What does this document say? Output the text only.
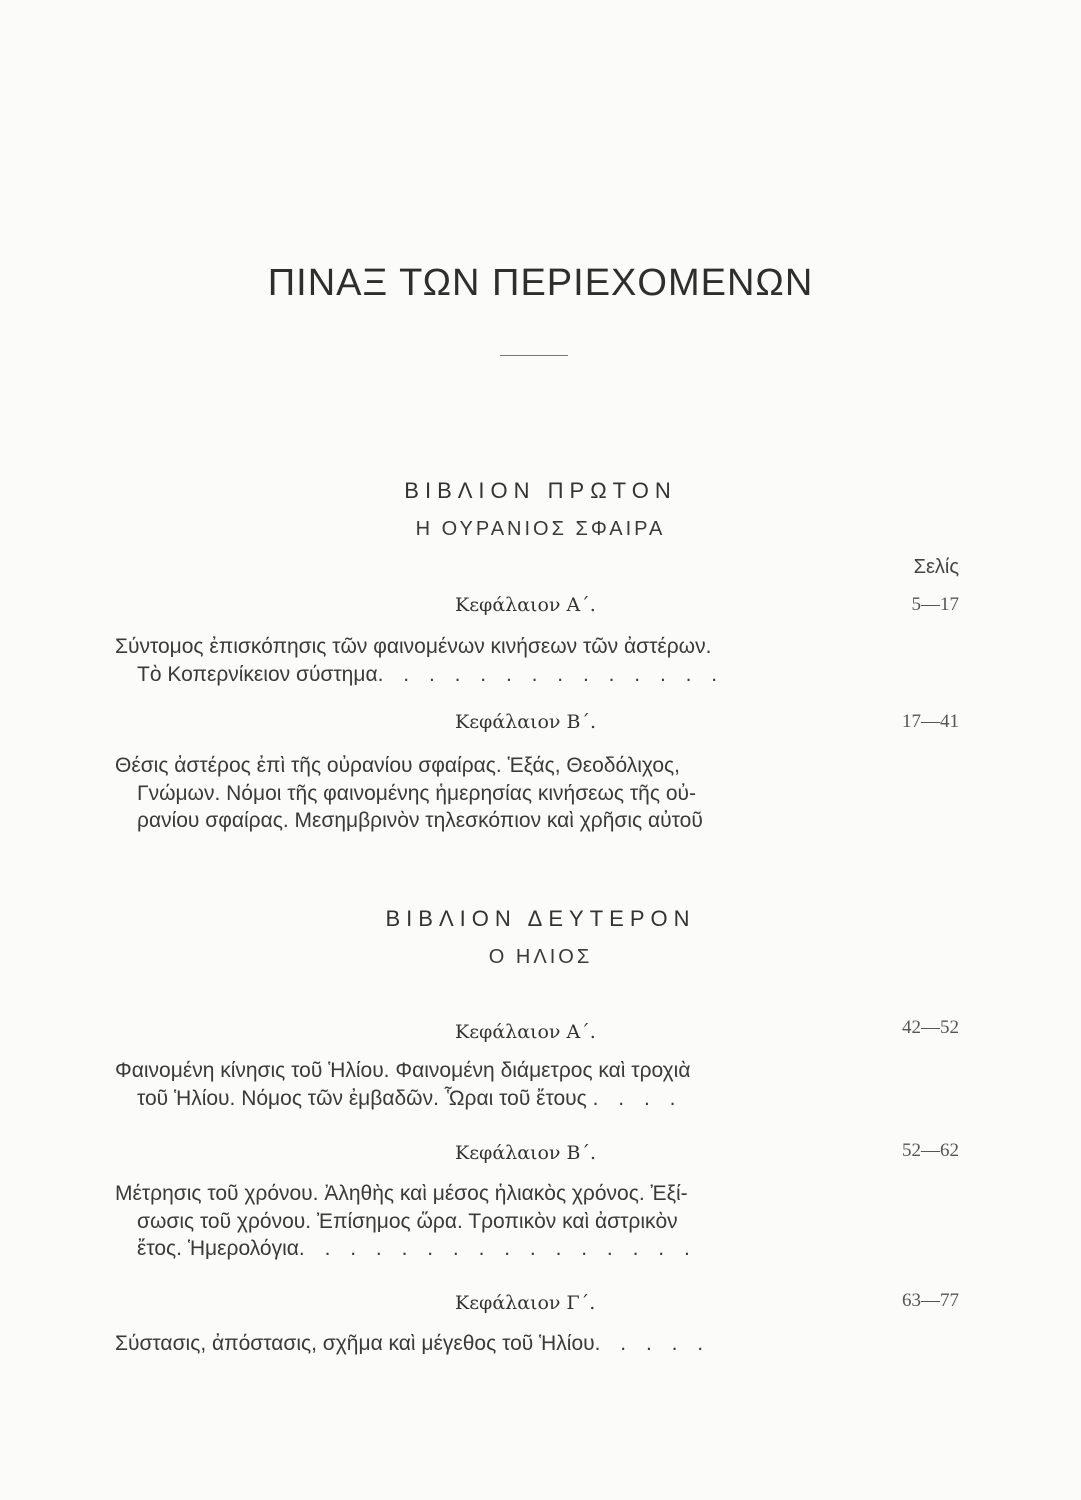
ΠΙΝΑΞ ΤΩΝ ΠΕΡΙΕΧΟΜΕΝΩΝ
ΒΙΒΛΙΟΝ ΠΡΩΤΟΝ
Η ΟΥΡΑΝΙΟΣ ΣΦΑΙΡΑ
Σελίς
Κεφάλαιον Α΄.	5—17
Σύντομος ἐπισκόπησις τῶν φαινομένων κινήσεων τῶν ἀστέρων.
Τὸ Κοπερνίκειον σύστημα. . . . . . . . . . . . . .
Κεφάλαιον Β΄.	17—41
Θέσις ἀστέρος ἐπὶ τῆς οὐρανίου σφαίρας. Ἑξάς, Θεοδόλιχος,
Γνώμων. Νόμοι τῆς φαινομένης ἡμερησίας κινήσεως τῆς οὐ-
ρανίου σφαίρας. Μεσημβρινὸν τηλεσκόπιον καὶ χρῆσις αὐτοῦ
ΒΙΒΛΙΟΝ ΔΕΥΤΕΡΟΝ
Ο ΗΛΙΟΣ
Κεφάλαιον Α΄.	42—52
Φαινομένη κίνησις τοῦ Ἡλίου. Φαινομένη διάμετρος καὶ τροχιὰ
τοῦ Ἡλίου. Νόμος τῶν ἐμβαδῶν. Ὧραι τοῦ ἔτους . . . .
Κεφάλαιον Β΄.	52—62
Μέτρησις τοῦ χρόνου. Ἀληθὴς καὶ μέσος ἡλιακὸς χρόνος. Ἐξί-
σωσις τοῦ χρόνου. Ἐπίσημος ὥρα. Τροπικὸν καὶ ἀστρικὸν
ἔτος. Ἡμερολόγια. . . . . . . . . . . . . . . .
Κεφάλαιον Γ΄.	63—77
Σύστασις, ἀπόστασις, σχῆμα καὶ μέγεθος τοῦ Ἡλίου. . . . .
